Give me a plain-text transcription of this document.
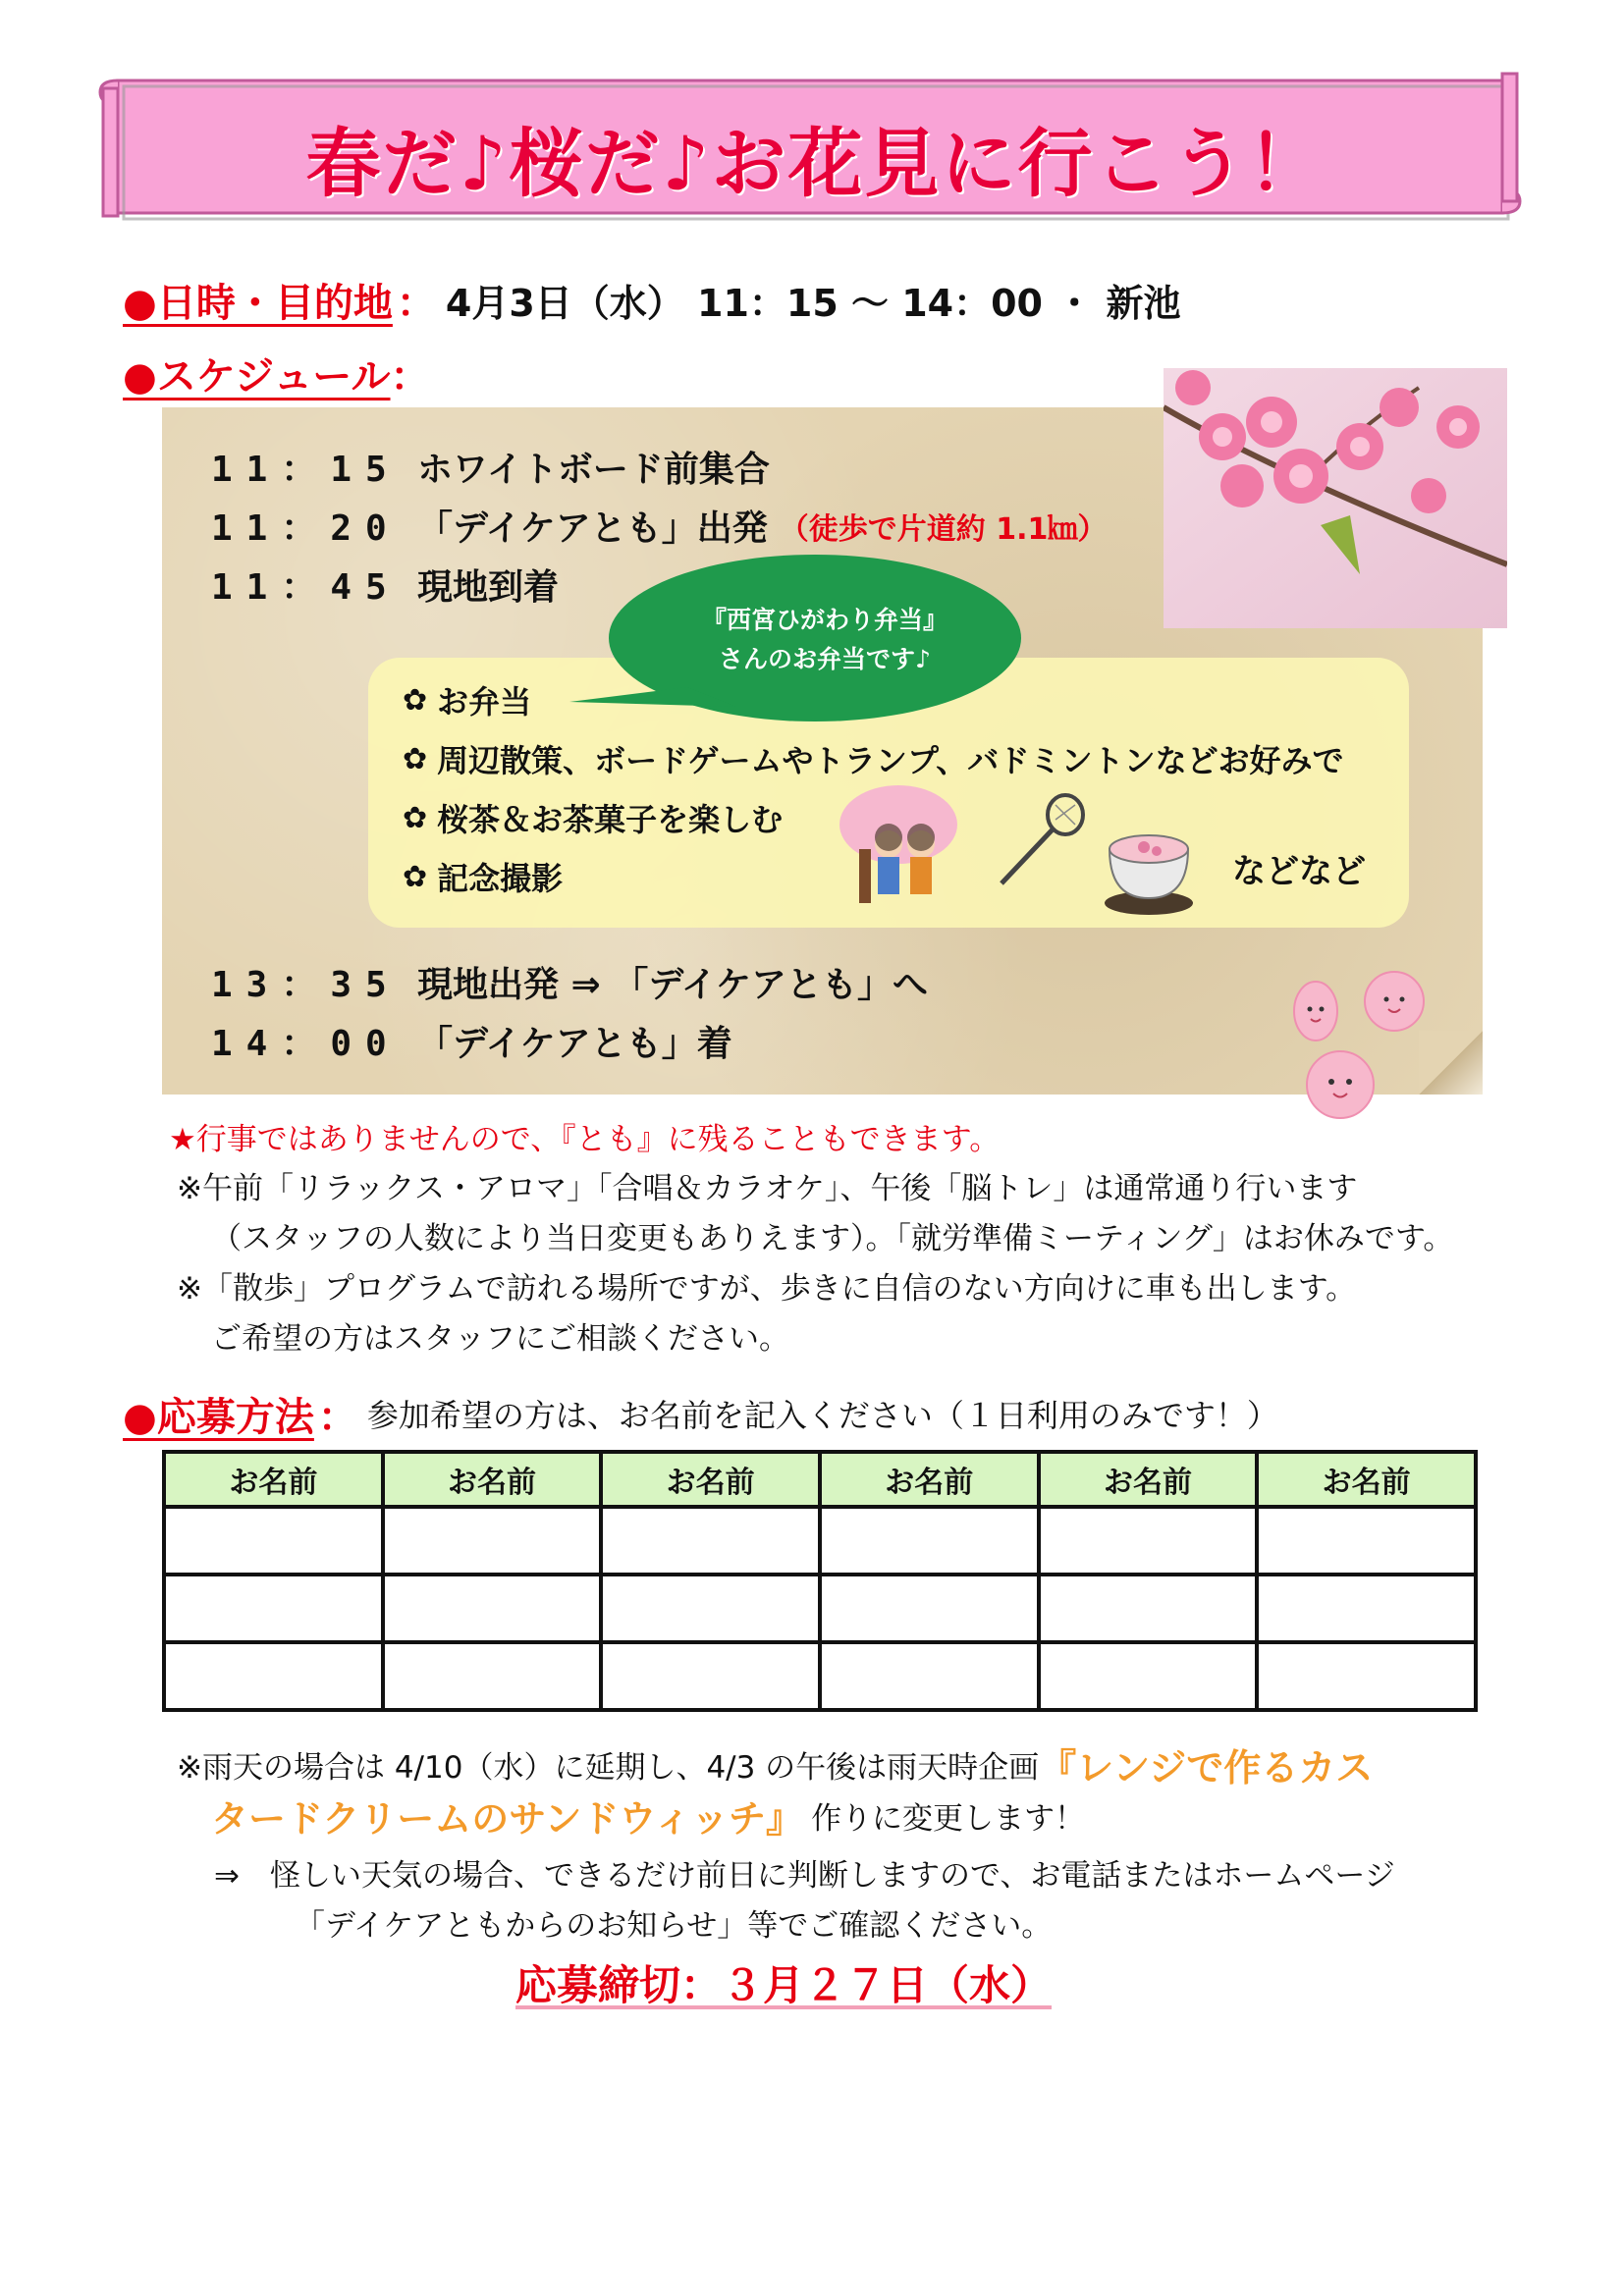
春だ♪桜だ♪お花見に行こう！
●日時・目的地 ： 4月3日（水） 11：15 〜 14：00 ・ 新池
●スケジュール ：
11：15 ホワイトボード前集合
11：20 「デイケアとも」出発 （徒歩で片道約 1.1㎞）
11：45 現地到着
『西宮ひがわり弁当』
さんのお弁当です♪
✿ お弁当
✿ 周辺散策、ボードゲームやトランプ、バドミントンなどお好みで
✿ 桜茶＆お茶菓子を楽しむ
✿ 記念撮影	などなど
13：35 現地出発 ⇒ 「デイケアとも」へ
14：00 「デイケアとも」着
★行事ではありませんので、『とも』に残ることもできます。
※午前「リラックス・アロマ」「合唱＆カラオケ」、午後「脳トレ」は通常通り行います
（スタッフの人数により当日変更もありえます）。「就労準備ミーティング」はお休みです。
※「散歩」プログラムで訪れる場所ですが、歩きに自信のない方向けに車も出します。
ご希望の方はスタッフにご相談ください。
●応募方法 ： 参加希望の方は、お名前を記入ください（１日利用のみです！）
お名前	お名前	お名前	お名前	お名前	お名前

※雨天の場合は 4/10（水）に延期し、4/3 の午後は雨天時企画 『レンジで作るカス
タードクリームのサンドウィッチ』 作りに変更します！
⇒　怪しい天気の場合、できるだけ前日に判断しますので、お電話またはホームページ
「デイケアともからのお知らせ」等でご確認ください。
応募締切：３月２７日（水）
